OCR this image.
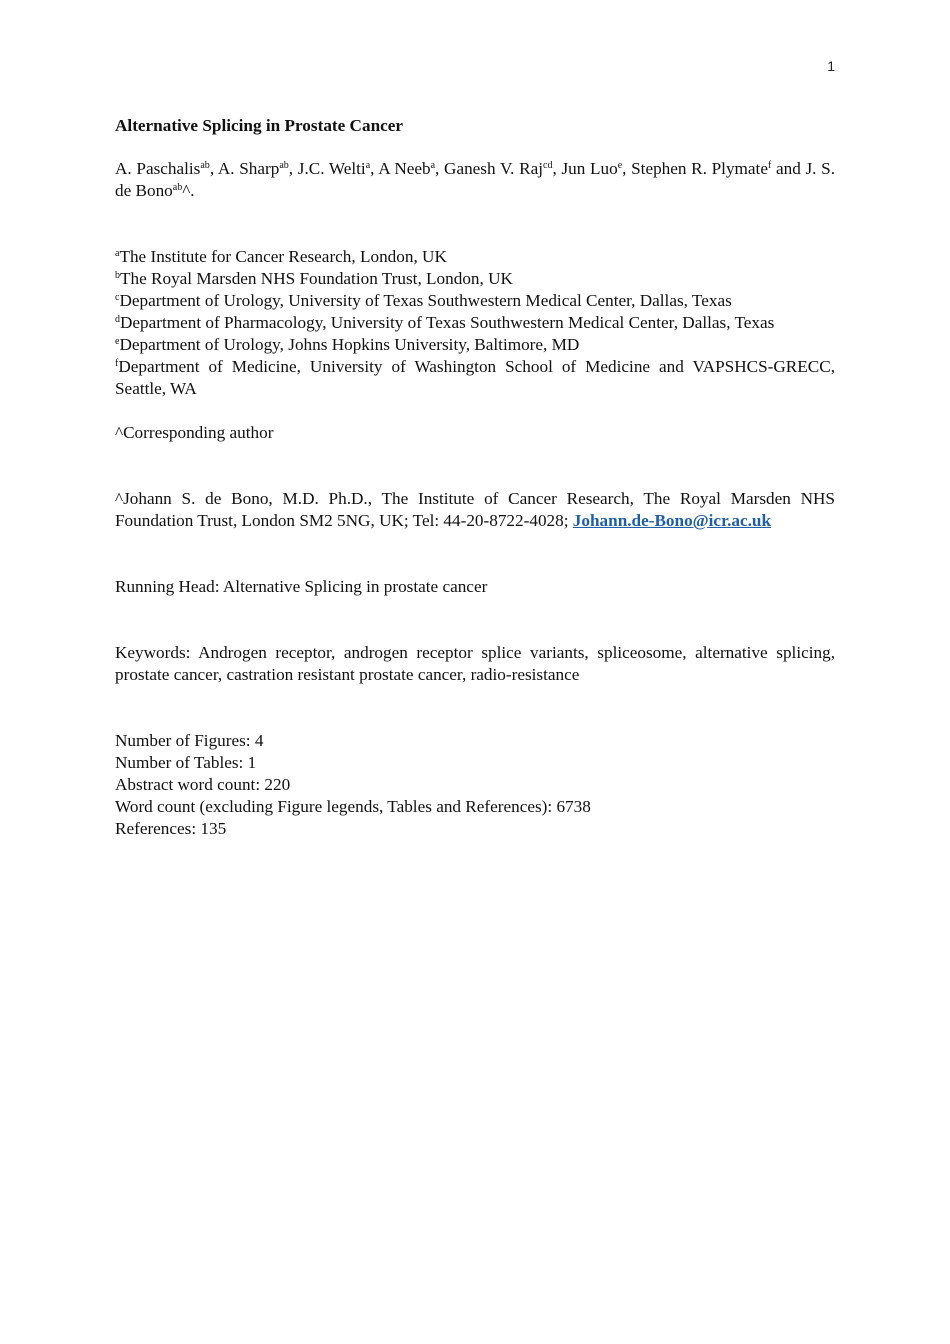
1
Alternative Splicing in Prostate Cancer
A. Paschalis$^{ab}$, A. Sharp$^{ab}$, J.C. Welti$^a$, A Neeb$^a$, Ganesh V. Raj$^{cd}$, Jun Luo$^e$, Stephen R. Plymate$^f$ and J. S. de Bono$^{ab}$^.
$^a$The Institute for Cancer Research, London, UK
$^b$The Royal Marsden NHS Foundation Trust, London, UK
$^c$Department of Urology, University of Texas Southwestern Medical Center, Dallas, Texas
$^d$Department of Pharmacology, University of Texas Southwestern Medical Center, Dallas, Texas
$^e$Department of Urology, Johns Hopkins University, Baltimore, MD
$^f$Department of Medicine, University of Washington School of Medicine and VAPSHCS-GRECC, Seattle, WA
^Corresponding author
^Johann S. de Bono, M.D. Ph.D., The Institute of Cancer Research, The Royal Marsden NHS Foundation Trust, London SM2 5NG, UK; Tel: 44-20-8722-4028; Johann.de-Bono@icr.ac.uk
Running Head: Alternative Splicing in prostate cancer
Keywords: Androgen receptor, androgen receptor splice variants, spliceosome, alternative splicing, prostate cancer, castration resistant prostate cancer, radio-resistance
Number of Figures: 4
Number of Tables: 1
Abstract word count: 220
Word count (excluding Figure legends, Tables and References): 6738
References: 135
